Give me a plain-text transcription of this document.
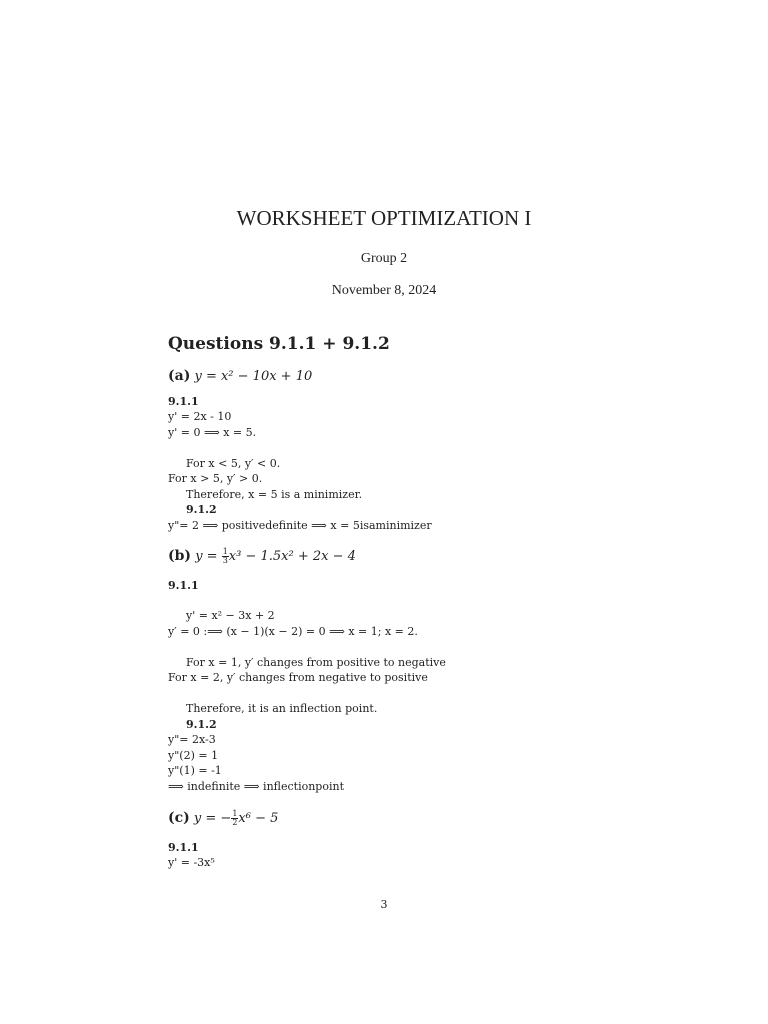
WORKSHEET OPTIMIZATION I
Group 2
November 8, 2024
Questions 9.1.1 + 9.1.2
(a) y = x² − 10x + 10
9.1.1
y' = 2x - 10
y' = 0 ⟹ x = 5.
For x < 5, y′ < 0.
For x > 5, y′ > 0.
Therefore, x = 5 is a minimizer.
9.1.2
y"= 2 ⟹ positivedefinite ⟹ x = 5isaminimizer
(b) $y = \frac{1}{3} x^3 - 1.5x^2 + 2x - 4$
9.1.1
y' = x² − 3x + 2
y′ = 0 :⟹ (x − 1)(x − 2) = 0 ⟹ x = 1; x = 2.
For x = 1, y′ changes from positive to negative
For x = 2, y′ changes from negative to positive
Therefore, it is an inflection point.
9.1.2
y"= 2x-3
y"(2) = 1
y"(1) = -1
⟹ indefinite ⟹ inflectionpoint
(c) y = − $\frac{1}{2} x^6 - 5$
9.1.1
y' = -3x⁵
3
